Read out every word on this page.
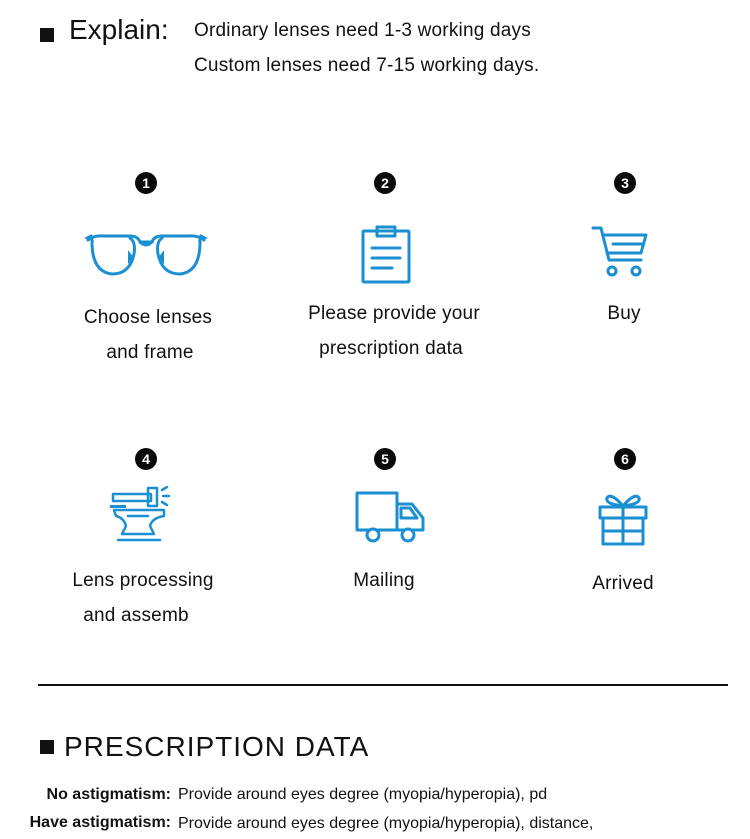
Explain: Ordinary lenses need 1-3 working days
Custom lenses need 7-15 working days.
1
Choose lenses
and frame
2
Please provide your
prescription data
3
Buy
4
Lens processing
and assemb
5
Mailing
6
Arrived
PRESCRIPTION DATA
No astigmatism: Provide around eyes degree (myopia/hyperopia), pd
Have astigmatism: Provide around eyes degree (myopia/hyperopia), distance,
